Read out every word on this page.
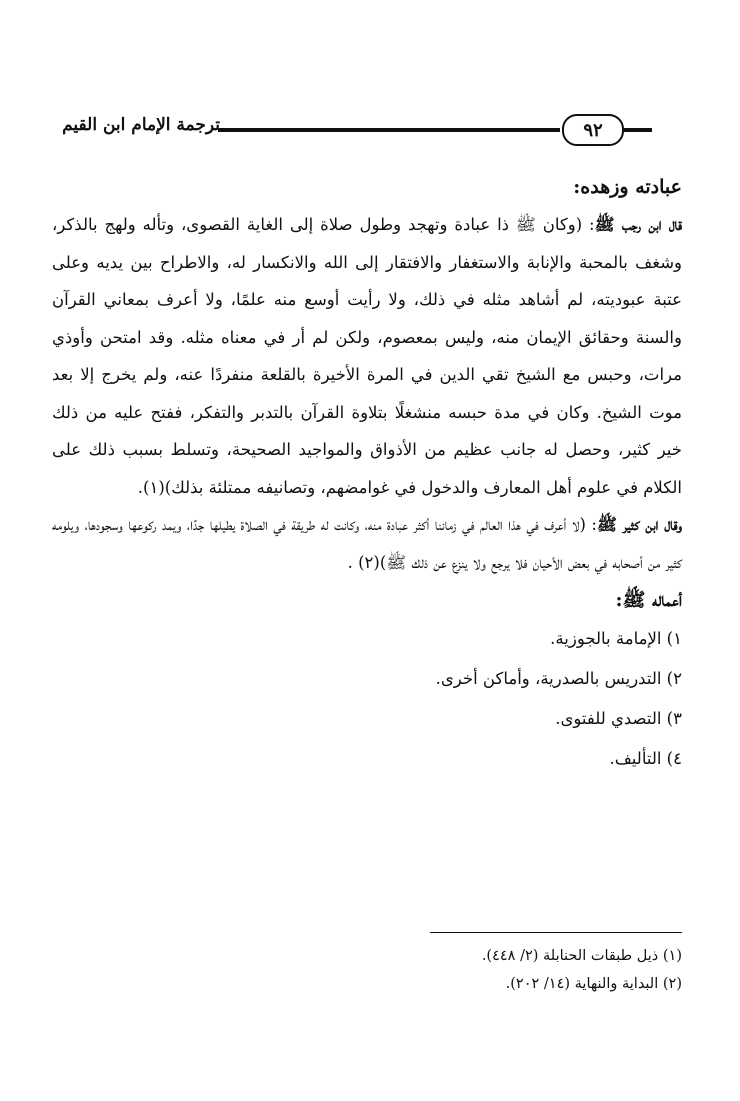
٩٢
ترجمة الإمام ابن القيم
عبادته وزهده:

قال ابن رجب ﷺ: (وكان ﷺ ذا عبادة وتهجد وطول صلاة إلى الغاية القصوى، وتأله ولهج بالذكر، وشغف بالمحبة والإنابة والاستغفار والافتقار إلى الله والانكسار له، والاطراح بين يديه وعلى عتبة عبوديته، لم أشاهد مثله في ذلك، ولا رأيت أوسع منه علمًا، ولا أعرف بمعاني القرآن والسنة وحقائق الإيمان منه، وليس بمعصوم، ولكن لم أر في معناه مثله. وقد امتحن وأوذي مرات، وحبس مع الشيخ تقي الدين في المرة الأخيرة بالقلعة منفردًا عنه، ولم يخرج إلا بعد موت الشيخ. وكان في مدة حبسه منشغلًا بتلاوة القرآن بالتدبر والتفكر، ففتح عليه من ذلك خير كثير، وحصل له جانب عظيم من الأذواق والمواجيد الصحيحة، وتسلط بسبب ذلك على الكلام في علوم أهل المعارف والدخول في غوامضهم، وتصانيفه ممتلئة بذلك)(١).

وقال ابن كثير ﷺ: (لا أعرف في هذا العالم في زماننا أكثر عبادة منه، وكانت له طريقة في الصلاة يطيلها جدًا، ويمد ركوعها وسجودها، ويلومه كثير من أصحابه في بعض الأحيان فلا يرجع ولا ينزع عن ذلك ﷺ)(٢) .

أعماله ﷺ:
١) الإمامة بالجوزية.
٢) التدريس بالصدرية، وأماكن أخرى.
٣) التصدي للفتوى.
٤) التأليف.

(١) ذيل طبقات الحنابلة (٢/ ٤٤٨).

(٢) البداية والنهاية (١٤/ ٢٠٢).
